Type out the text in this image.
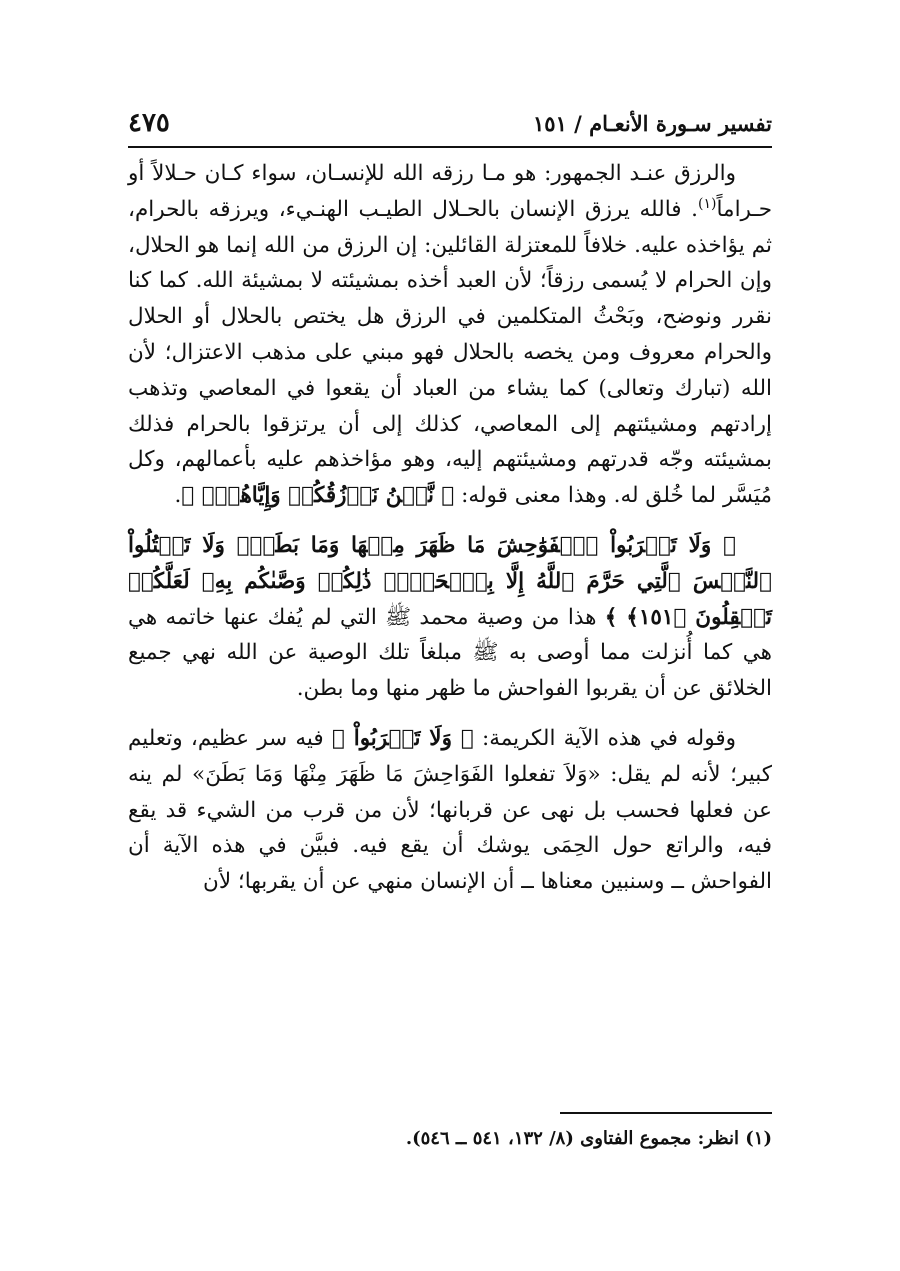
تفسير سـورة الأنعـام / ١٥١
٤٧٥

والرزق عنـد الجمهور: هو مـا رزقه الله للإنسـان، سواء كـان حـلالاً أو حـراماً$^{(١)}$. فالله يرزق الإنسان بالحـلال الطيـب الهنـيء، ويرزقه بالحرام، ثم يؤاخذه عليه. خلافاً للمعتزلة القائلين: إن الرزق من الله إنما هو الحلال، وإن الحرام لا يُسمى رزقاً؛ لأن العبد أخذه بمشيئته لا بمشيئة الله. كما كنا نقرر ونوضح، وبَحْثُ المتكلمين في الرزق هل يختص بالحلال أو الحلال والحرام معروف ومن يخصه بالحلال فهو مبني على مذهب الاعتزال؛ لأن الله (تبارك وتعالى) كما يشاء من العباد أن يقعوا في المعاصي وتذهب إرادتهم ومشيئتهم إلى المعاصي، كذلك إلى أن يرتزقوا بالحرام فذلك بمشيئته وجّه قدرتهم ومشيئتهم إليه، وهو مؤاخذهم عليه بأعمالهم، وكل مُيَسَّر لما خُلق له. وهذا معنى قوله: ﴿ نَّحۡنُ نَرۡزُقُكُمۡ وَإِيَّاهُمۡۖ ﴾.

﴿ وَلَا تَقۡرَبُواْ ٱلۡفَوَٰحِشَ مَا ظَهَرَ مِنۡهَا وَمَا بَطَنَۖ وَلَا تَقۡتُلُواْ ٱلنَّفۡسَ ٱلَّتِي حَرَّمَ ٱللَّهُ إِلَّا بِٱلۡحَقِّۚ ذَٰلِكُمۡ وَصَّىٰكُم بِهِۦ لَعَلَّكُمۡ تَعۡقِلُونَ ﴿١٥١﴾ ﴾ هذا من وصية محمد ﷺ التي لم يُفك عنها خاتمه هي هي كما أُنزلت مما أوصى به ﷺ مبلغاً تلك الوصية عن الله نهي جميع الخلائق عن أن يقربوا الفواحش ما ظهر منها وما بطن.

وقوله في هذه الآية الكريمة: ﴿ وَلَا تَقۡرَبُواْ ﴾ فيه سر عظيم، وتعليم كبير؛ لأنه لم يقل: «وَلاَ تفعلوا الفَوَاحِشَ مَا ظَهَرَ مِنْهَا وَمَا بَطَنَ» لم ينه عن فعلها فحسب بل نهى عن قربانها؛ لأن من قرب من الشيء قد يقع فيه، والراتع حول الحِمَى يوشك أن يقع فيه. فبيَّن في هذه الآية أن الفواحش ــ وسنبين معناها ــ أن الإنسان منهي عن أن يقربها؛ لأن

(١) انظر: مجموع الفتاوى (٨/ ١٣٢، ٥٤١ ــ ٥٤٦).
